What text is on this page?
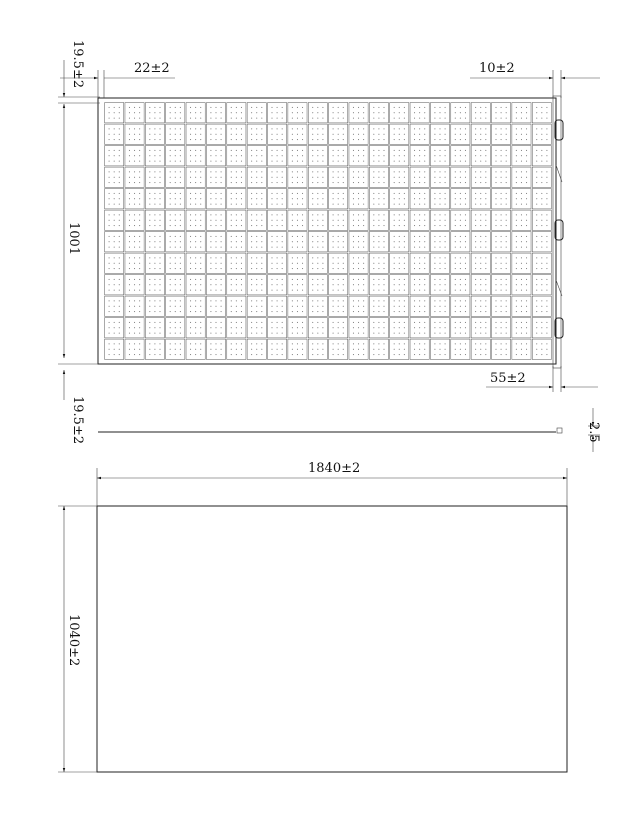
19.5±2	22±2	10±2
1001
55±2
19.5±2	2.5
1840±2
1040±2
